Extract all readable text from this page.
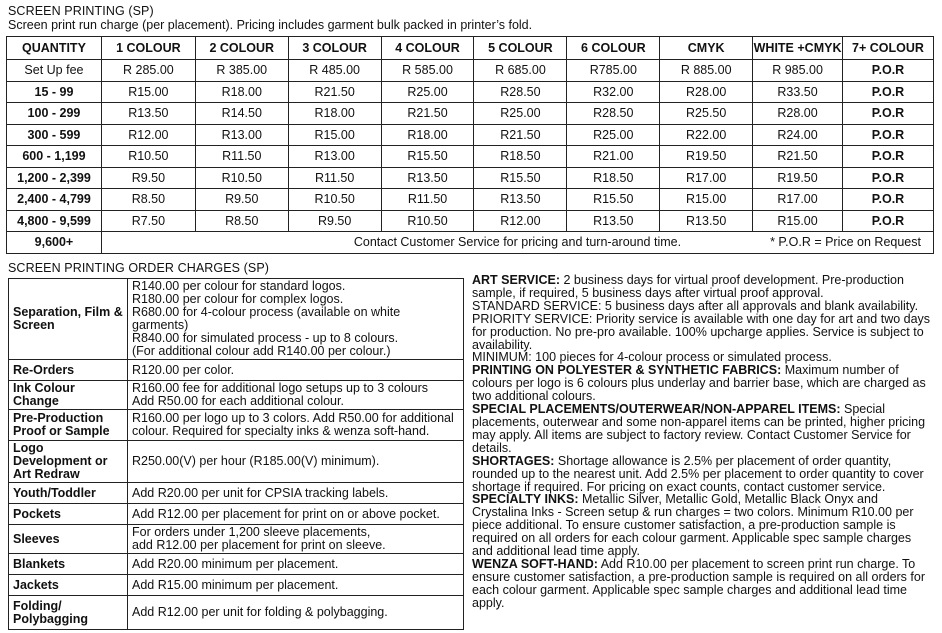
SCREEN PRINTING (SP)
Screen print run charge (per placement). Pricing includes garment bulk packed in printer’s fold.
QUANTITY	1 COLOUR	2 COLOUR	3 COLOUR	4 COLOUR	5 COLOUR	6 COLOUR	CMYK	WHITE +CMYK	7+ COLOUR
Set Up fee	R 285.00	R 385.00	R 485.00	R 585.00	R 685.00	R785.00	R 885.00	R 985.00	P.O.R
15 - 99	R15.00	R18.00	R21.50	R25.00	R28.50	R32.00	R28.00	R33.50	P.O.R
100 - 299	R13.50	R14.50	R18.00	R21.50	R25.00	R28.50	R25.50	R28.00	P.O.R
300 - 599	R12.00	R13.00	R15.00	R18.00	R21.50	R25.00	R22.00	R24.00	P.O.R
600 - 1,199	R10.50	R11.50	R13.00	R15.50	R18.50	R21.00	R19.50	R21.50	P.O.R
1,200 - 2,399	R9.50	R10.50	R11.50	R13.50	R15.50	R18.50	R17.00	R19.50	P.O.R
2,400 - 4,799	R8.50	R9.50	R10.50	R11.50	R13.50	R15.50	R15.00	R17.00	P.O.R
4,800 - 9,599	R7.50	R8.50	R9.50	R10.50	R12.00	R13.50	R13.50	R15.00	P.O.R
9,600+	Contact Customer Service for pricing and turn-around time. * P.O.R = Price on Request								
SCREEN PRINTING ORDER CHARGES (SP)
Separation, Film & Screen	R140.00 per colour for standard logos.
R180.00 per colour for complex logos.
R680.00 for 4-colour process (available on white garments)
R840.00 for simulated process - up to 8 colours.
(For additional colour add R140.00 per colour.)
Re-Orders	R120.00 per color.
Ink Colour Change	R160.00 fee for additional logo setups up to 3 colours
Add R50.00 for each additional colour.
Pre-Production Proof or Sample	R160.00 per logo up to 3 colors. Add R50.00 for additional colour. Required for specialty inks & wenza soft-hand.
Logo Development or Art Redraw	R250.00(V) per hour (R185.00(V) minimum).
Youth/Toddler	Add R20.00 per unit for CPSIA tracking labels.
Pockets	Add R12.00 per placement for print on or above pocket.
Sleeves	For orders under 1,200 sleeve placements,
add R12.00 per placement for print on sleeve.
Blankets	Add R20.00 minimum per placement.
Jackets	Add R15.00 minimum per placement.
Folding/ Polybagging	Add R12.00 per unit for folding & polybagging.

ART SERVICE: 2 business days for virtual proof development. Pre-production sample, if required, 5 business days after virtual proof approval.

STANDARD SERVICE: 5 business days after all approvals and blank availability.

PRIORITY SERVICE: Priority service is available with one day for art and two days for production. No pre-pro available. 100% upcharge applies. Service is subject to availability.

MINIMUM: 100 pieces for 4-colour process or simulated process.

PRINTING ON POLYESTER & SYNTHETIC FABRICS: Maximum number of colours per logo is 6 colours plus underlay and barrier base, which are charged as two additional colours.

SPECIAL PLACEMENTS/OUTERWEAR/NON-APPAREL ITEMS: Special placements, outerwear and some non-apparel items can be printed, higher pricing may apply. All items are subject to factory review. Contact Customer Service for details.

SHORTAGES: Shortage allowance is 2.5% per placement of order quantity, rounded up to the nearest unit. Add 2.5% per placement to order quantity to cover shortage if required. For pricing on exact counts, contact customer service.

SPECIALTY INKS: Metallic Silver, Metallic Gold, Metallic Black Onyx and Crystalina Inks - Screen setup & run charges = two colors. Minimum R10.00 per piece additional. To ensure customer satisfaction, a pre-production sample is required on all orders for each colour garment. Applicable spec sample charges and additional lead time apply.

WENZA SOFT-HAND: Add R10.00 per placement to screen print run charge. To ensure customer satisfaction, a pre-production sample is required on all orders for each colour garment. Applicable spec sample charges and additional lead time apply.
